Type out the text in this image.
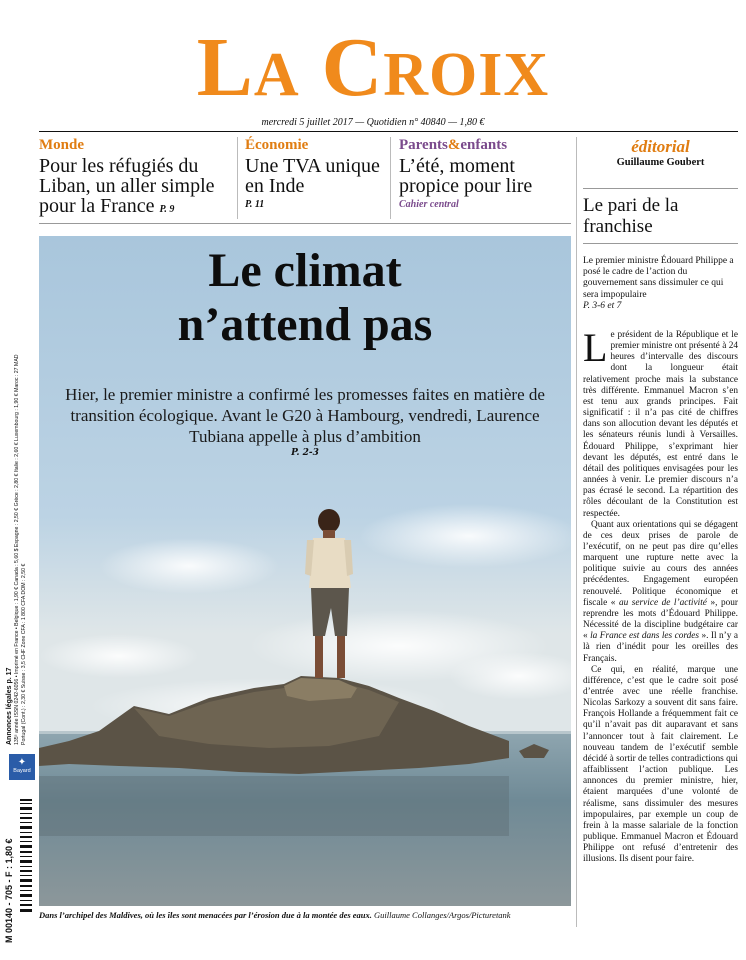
LA CROIX
mercredi 5 juillet 2017 — Quotidien n° 40840 — 1,80 €
Monde
Pour les réfugiés du Liban, un aller simple pour la France P. 9
Économie
Une TVA unique en Inde
P. 11
Parents&enfants
L’été, moment propice pour lire
Cahier central
éditorial
Guillaume Goubert
Le pari de la franchise
Le premier ministre Édouard Philippe a posé le cadre de l’action du gouvernement sans dissimuler ce qui sera impopulaire
P. 3-6 et 7

Le président de la République et le premier ministre ont présenté à 24 heures d’intervalle des discours dont la longueur était relativement proche mais la substance très différente. Emmanuel Macron s’en est tenu aux grands principes. Fait significatif : il n’a pas cité de chiffres dans son allocution devant les députés et les sénateurs réunis lundi à Versailles. Édouard Philippe, s’exprimant hier devant les députés, est entré dans le détail des politiques envisagées pour les années à venir. Le premier discours n’a pas écrasé le second. La répartition des rôles découlant de la Constitution est respectée.

Quant aux orientations qui se dégagent de ces deux prises de parole de l’exécutif, on ne peut pas dire qu’elles marquent une rupture nette avec la politique suivie au cours des années précédentes. Engagement européen renouvelé. Politique économique et fiscale « au service de l’activité », pour reprendre les mots d’Édouard Philippe. Nécessité de la discipline budgétaire car « la France est dans les cordes ». Il n’y a là rien d’inédit pour les oreilles des Français.

Ce qui, en réalité, marque une différence, c’est que le cadre soit posé d’entrée avec une réelle franchise. Nicolas Sarkozy a souvent dit sans faire. François Hollande a fréquemment fait ce qu’il n’avait pas dit auparavant et sans l’annoncer tout à fait clairement. Le nouveau tandem de l’exécutif semble décidé à sortir de telles contradictions qui affaiblissent l’action publique. Les annonces du premier ministre, hier, étaient marquées d’une volonté de réalisme, sans dissimuler des mesures impopulaires, par exemple un coup de frein à la masse salariale de la fonction publique. Emmanuel Macron et Édouard Philippe ont refusé d’entretenir des illusions. Ils disent pour faire.

Le climat
n’attend pas
Hier, le premier ministre a confirmé les promesses faites en matière de transition écologique. Avant le G20 à Hambourg, vendredi, Laurence Tubiana appelle à plus d’ambition
P. 2-3
Dans l’archipel des Maldives, où les îles sont menacées par l’érosion due à la montée des eaux. Guillaume Collanges/Argos/Picturetank
Annonces légales p. 17 135ᵉ année ISSN 0242-6056 • Imprimé en France • Belgique : 1,90 € Canada : 5,60 $ Espagne : 2,50 € Grèce : 2,80 € Italie : 2,60 € Luxembourg : 1,90 € Maroc : 27 MAD Portugal (Cont.) : 2,30 € Suisse : 3,5 CHF Zone CFA : 1 800 CFA DOM : 2,50 €
✦
Bayard
M 00140 - 705 - F : 1,80 €
